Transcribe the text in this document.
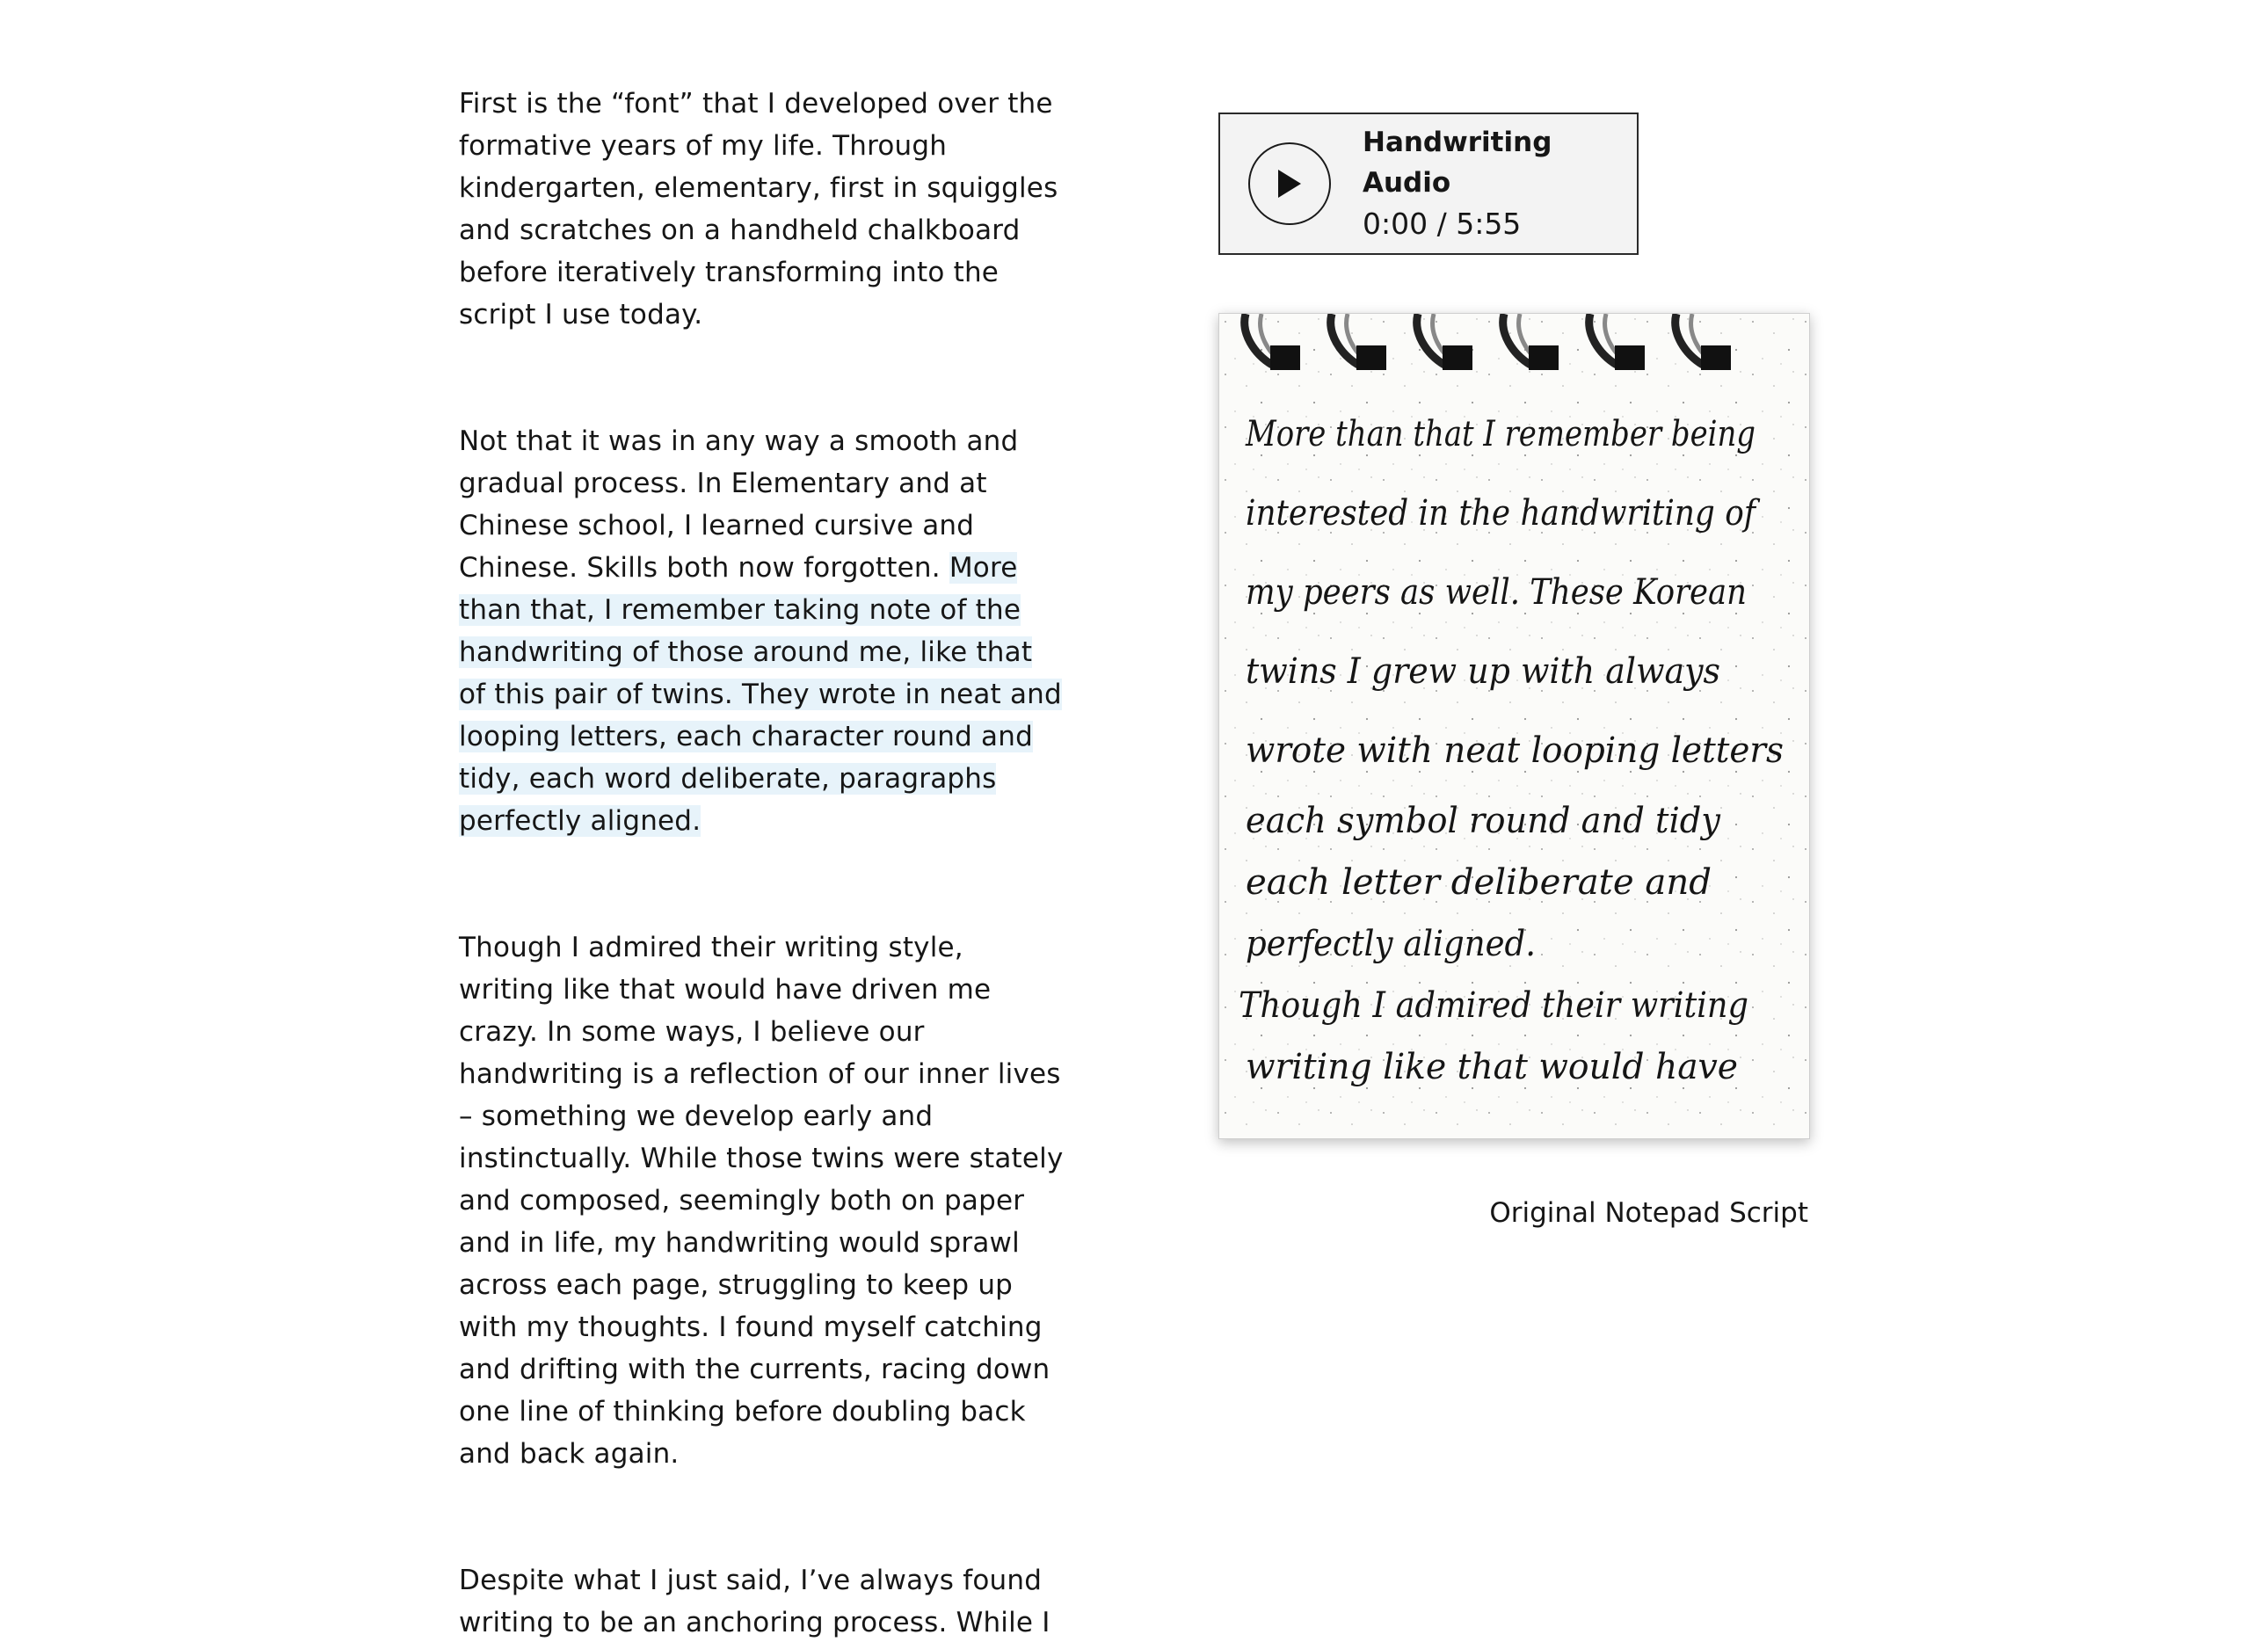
First is the “font” that I developed over the formative years of my life. Through kindergarten, elementary, first in squiggles and scratches on a handheld chalkboard before iteratively transforming into the script I use today.

Not that it was in any way a smooth and gradual process. In Elementary and at Chinese school, I learned cursive and Chinese. Skills both now forgotten. More than that, I remember taking note of the handwriting of those around me, like that of this pair of twins. They wrote in neat and looping letters, each character round and tidy, each word deliberate, paragraphs perfectly aligned.

Though I admired their writing style, writing like that would have driven me crazy. In some ways, I believe our handwriting is a reflection of our inner lives – something we develop early and instinctually. While those twins were stately and composed, seemingly both on paper and in life, my handwriting would sprawl across each page, struggling to keep up with my thoughts. I found myself catching and drifting with the currents, racing down one line of thinking before doubling back and back again.

Despite what I just said, I’ve always found writing to be an anchoring process. While I

Handwriting Audio
0:00 / 5:55
More than that I remember being
interested in the handwriting of
my peers as well. These Korean
twins I grew up with always
wrote with neat looping letters
each symbol round and tidy
each letter deliberate and
perfectly aligned.
Though I admired their writing
writing like that would have
Original Notepad Script
